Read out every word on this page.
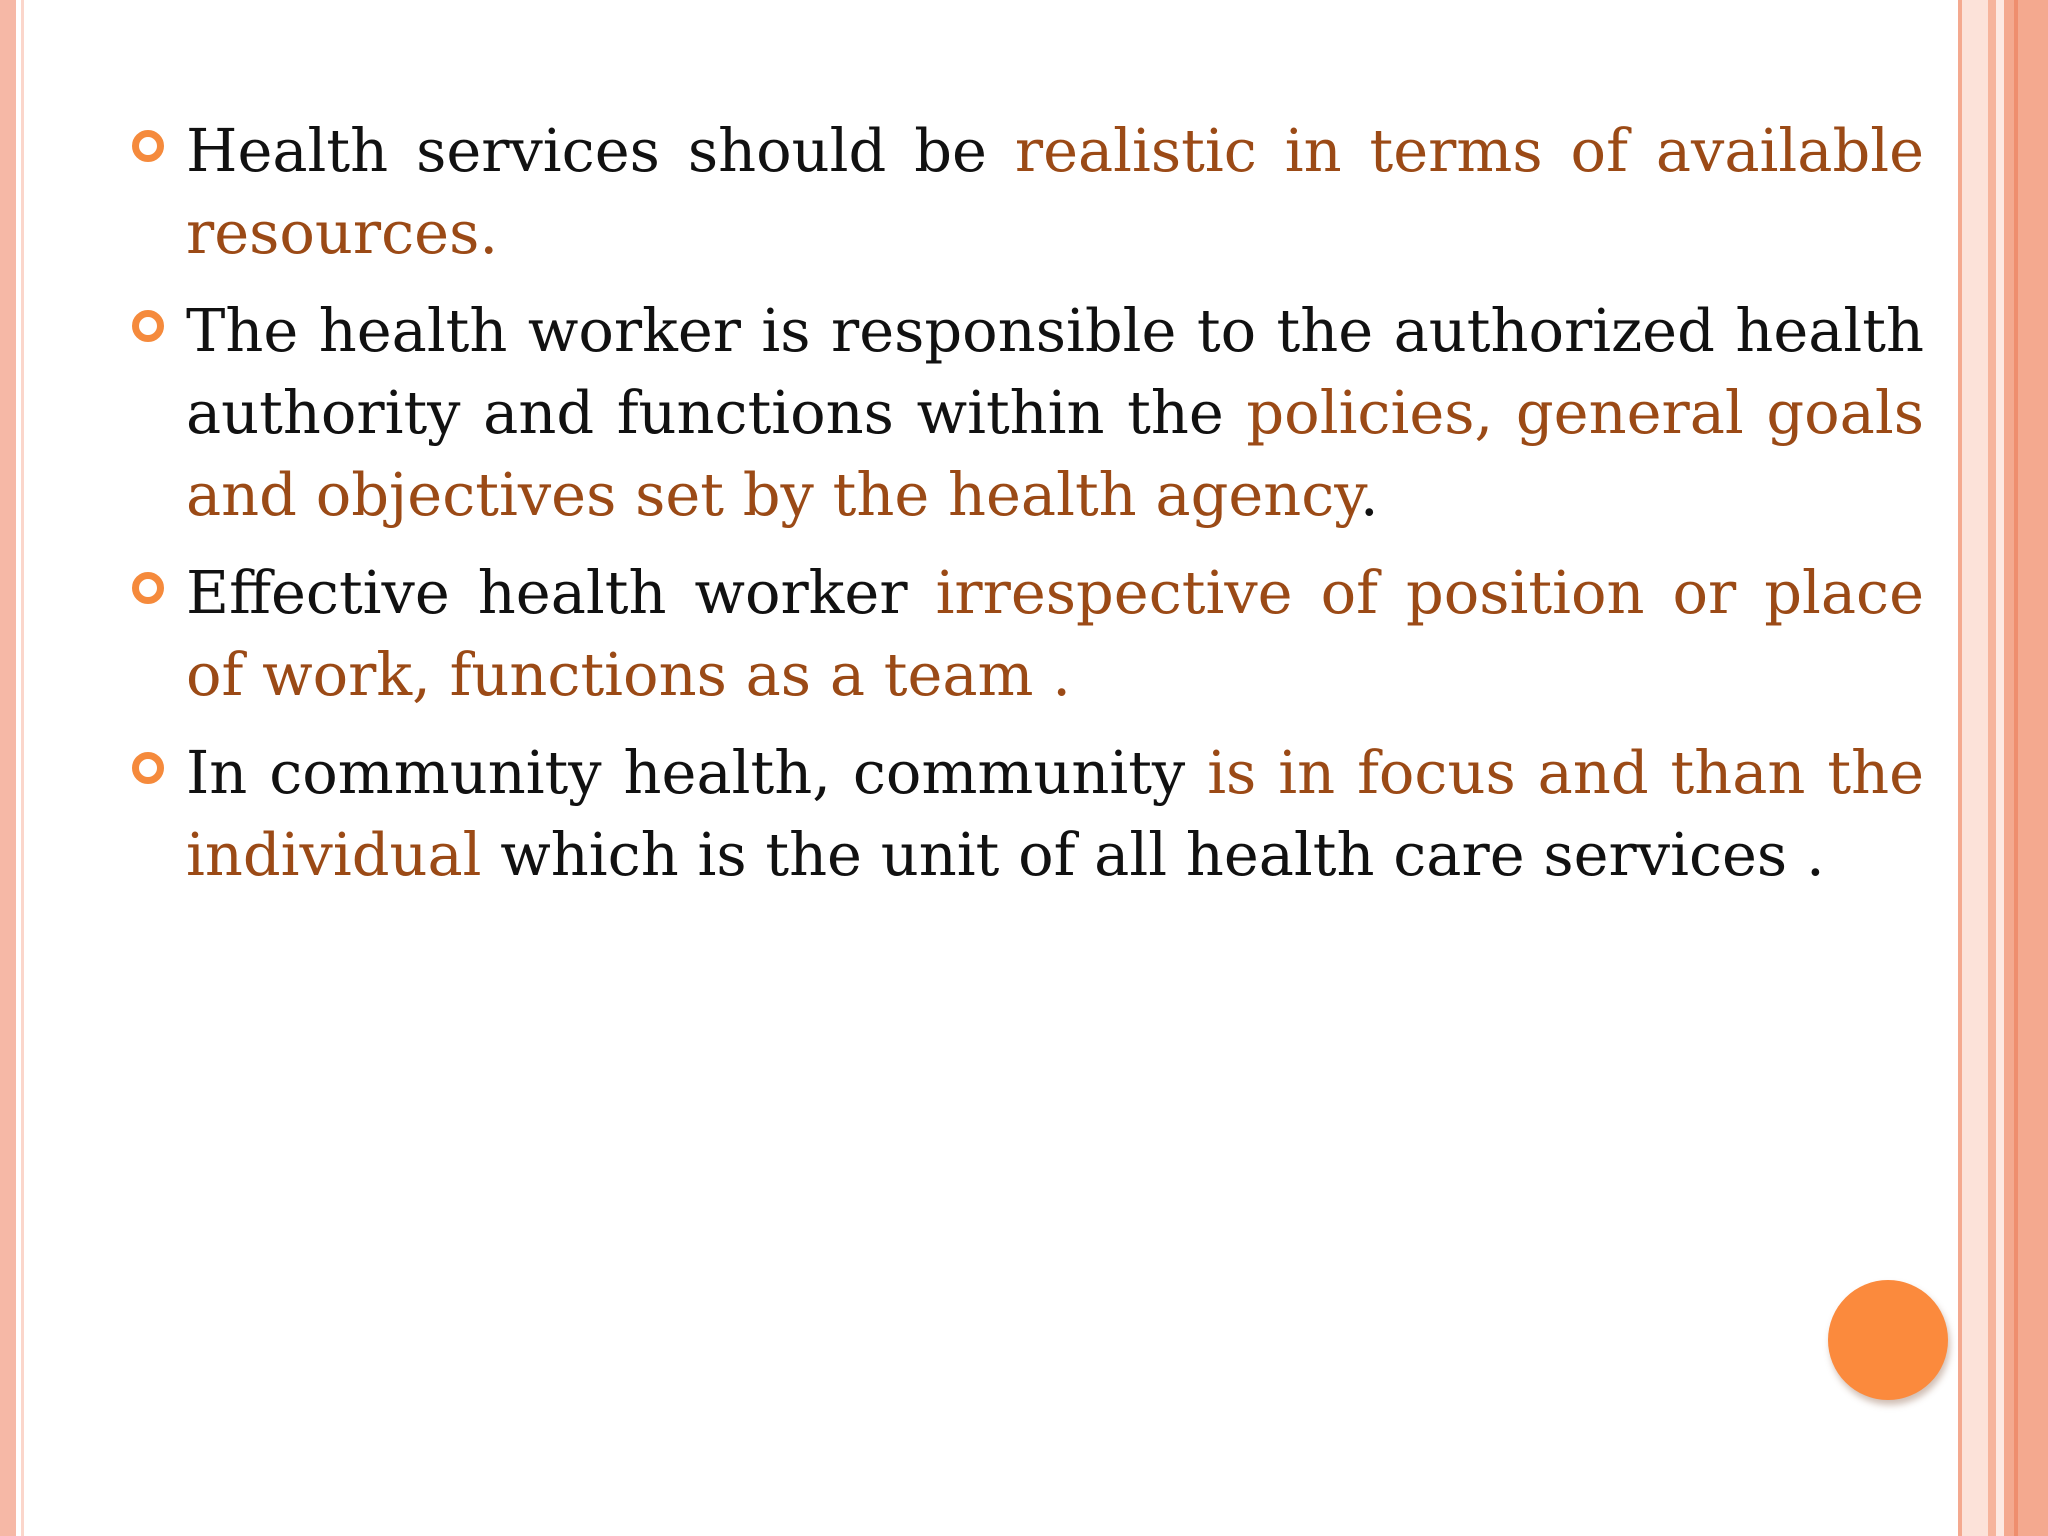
Health services should be realistic in terms of available resources.
The health worker is responsible to the authorized health authority and functions within the policies, general goals and objectives set by the health agency.
Effective health worker irrespective of position or place of work, functions as a team .
In community health, community is in focus and than the individual which is the unit of all health care services .
